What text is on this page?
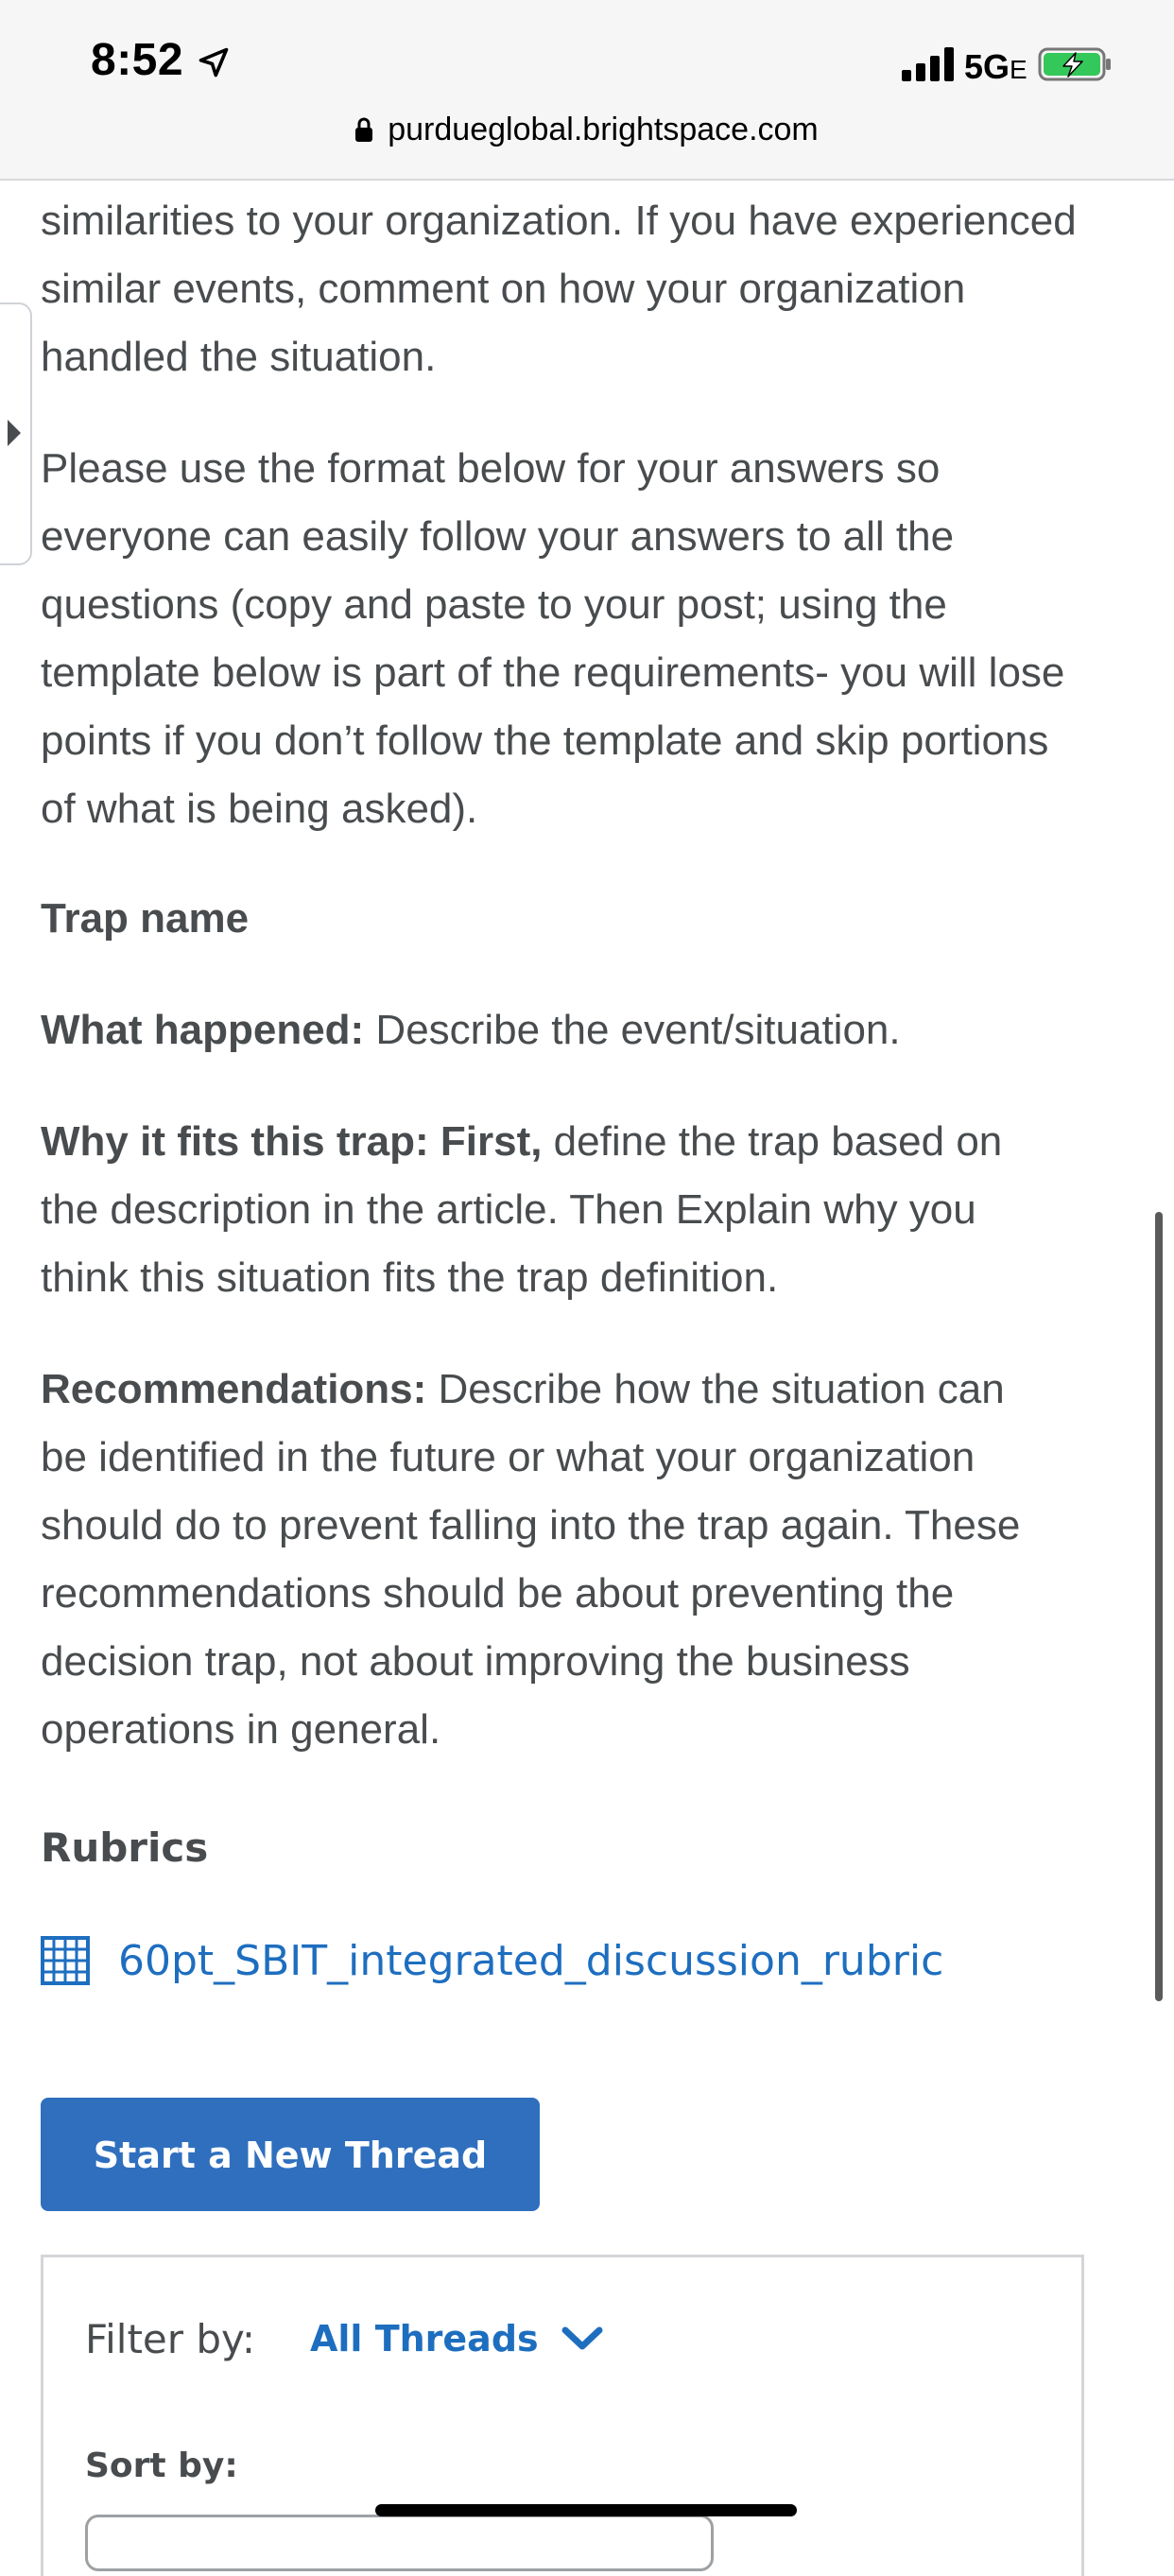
8:52	5GE
purdueglobal.brightspace.com

similarities to your organization. If you have experienced similar events, comment on how your organization handled the situation.

Please use the format below for your answers so everyone can easily follow your answers to all the questions (copy and paste to your post; using the template below is part of the requirements- you will lose points if you don’t follow the template and skip portions of what is being asked).

Trap name

What happened: Describe the event/situation.

Why it fits this trap: First, define the trap based on the description in the article. Then Explain why you think this situation fits the trap definition.

Recommendations: Describe how the situation can be identified in the future or what your organization should do to prevent falling into the trap again. These recommendations should be about preventing the decision trap, not about improving the business operations in general.

Rubrics
60pt_SBIT_integrated_discussion_rubric
Start a New Thread
Filter by: All Threads
Sort by:
